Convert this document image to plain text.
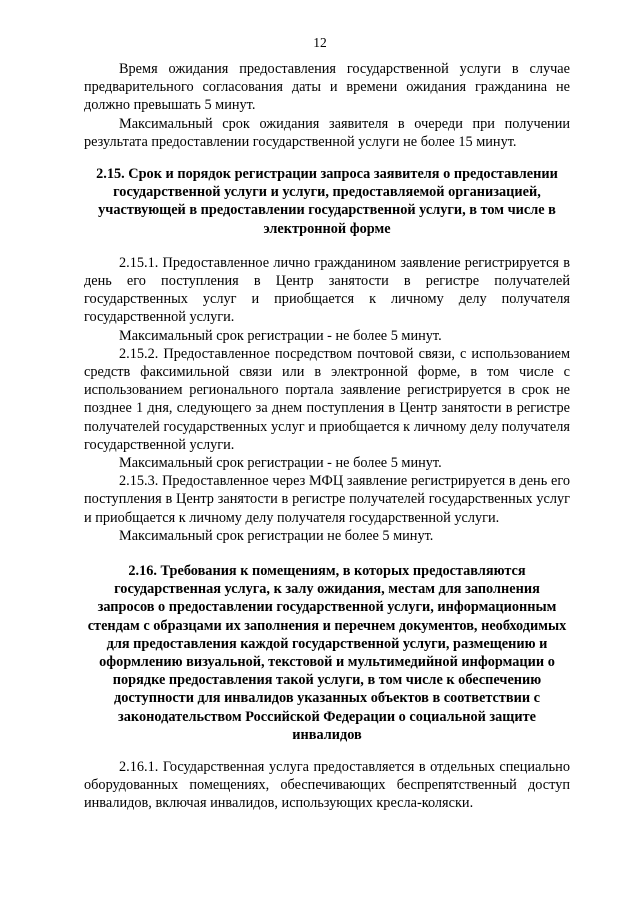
12

Время ожидания предоставления государственной услуги в случае предварительного согласования даты и времени ожидания гражданина не должно превышать 5 минут.

Максимальный срок ожидания заявителя в очереди при получении результата предоставлении государственной услуги не более 15 минут.

2.15. Срок и порядок регистрации запроса заявителя о предоставлении государственной услуги и услуги, предоставляемой организацией, участвующей в предоставлении государственной услуги, в том числе в электронной форме

2.15.1. Предоставленное лично гражданином заявление регистрируется в день его поступления в Центр занятости в регистре получателей государственных услуг и приобщается к личному делу получателя государственной услуги.

Максимальный срок регистрации - не более 5 минут.

2.15.2. Предоставленное посредством почтовой связи, с использованием средств факсимильной связи или в электронной форме, в том числе с использованием регионального портала заявление регистрируется в срок не позднее 1 дня, следующего за днем поступления в Центр занятости в регистре получателей государственных услуг и приобщается к личному делу получателя государственной услуги.

Максимальный срок регистрации - не более 5 минут.

2.15.3. Предоставленное через МФЦ заявление регистрируется в день его поступления в Центр занятости в регистре получателей государственных услуг и приобщается к личному делу получателя государственной услуги.

Максимальный срок регистрации не более 5 минут.

2.16. Требования к помещениям, в которых предоставляются государственная услуга, к залу ожидания, местам для заполнения запросов о предоставлении государственной услуги, информационным стендам с образцами их заполнения и перечнем документов, необходимых для предоставления каждой государственной услуги, размещению и оформлению визуальной, текстовой и мультимедийной информации о порядке предоставления такой услуги, в том числе к обеспечению доступности для инвалидов указанных объектов в соответствии с законодательством Российской Федерации о социальной защите инвалидов

2.16.1. Государственная услуга предоставляется в отдельных специально оборудованных помещениях, обеспечивающих беспрепятственный доступ инвалидов, включая инвалидов, использующих кресла-коляски.
